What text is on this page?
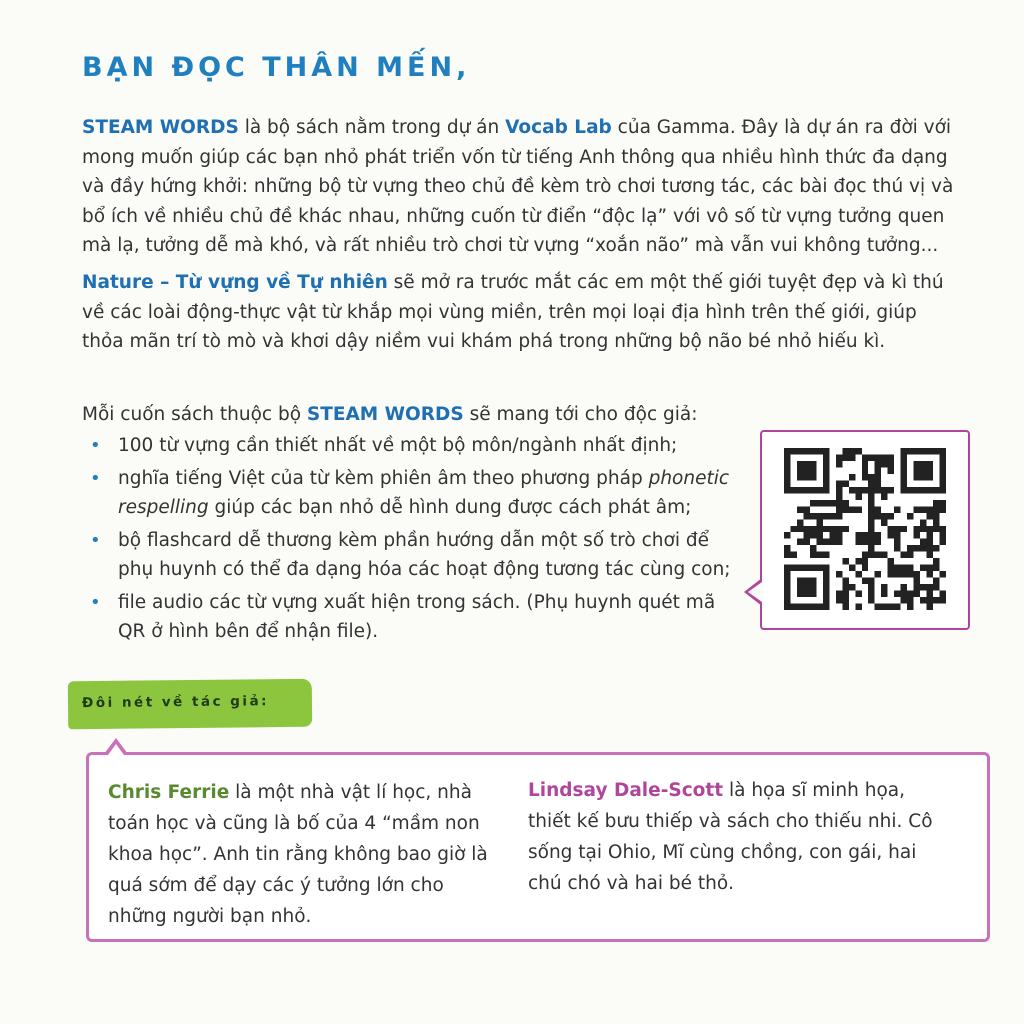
BẠN ĐỌC THÂN MẾN,

STEAM WORDS là bộ sách nằm trong dự án Vocab Lab của Gamma. Đây là dự án ra đời với mong muốn giúp các bạn nhỏ phát triển vốn từ tiếng Anh thông qua nhiều hình thức đa dạng và đầy hứng khởi: những bộ từ vựng theo chủ đề kèm trò chơi tương tác, các bài đọc thú vị và bổ ích về nhiều chủ đề khác nhau, những cuốn từ điển “độc lạ” với vô số từ vựng tưởng quen mà lạ, tưởng dễ mà khó, và rất nhiều trò chơi từ vựng “xoắn não” mà vẫn vui không tưởng...

Nature – Từ vựng về Tự nhiên sẽ mở ra trước mắt các em một thế giới tuyệt đẹp và kì thú về các loài động-thực vật từ khắp mọi vùng miền, trên mọi loại địa hình trên thế giới, giúp thỏa mãn trí tò mò và khơi dậy niềm vui khám phá trong những bộ não bé nhỏ hiếu kì.

Mỗi cuốn sách thuộc bộ STEAM WORDS sẽ mang tới cho độc giả:

• 100 từ vựng cần thiết nhất về một bộ môn/ngành nhất định;
• nghĩa tiếng Việt của từ kèm phiên âm theo phương pháp phonetic respelling giúp các bạn nhỏ dễ hình dung được cách phát âm;
• bộ flashcard dễ thương kèm phần hướng dẫn một số trò chơi để phụ huynh có thể đa dạng hóa các hoạt động tương tác cùng con;
• file audio các từ vựng xuất hiện trong sách. (Phụ huynh quét mã QR ở hình bên để nhận file).
Đôi nét về tác giả:

Chris Ferrie là một nhà vật lí học, nhà toán học và cũng là bố của 4 “mầm non khoa học”. Anh tin rằng không bao giờ là quá sớm để dạy các ý tưởng lớn cho những người bạn nhỏ.

Lindsay Dale-Scott là họa sĩ minh họa, thiết kế bưu thiếp và sách cho thiếu nhi. Cô sống tại Ohio, Mĩ cùng chồng, con gái, hai chú chó và hai bé thỏ.
